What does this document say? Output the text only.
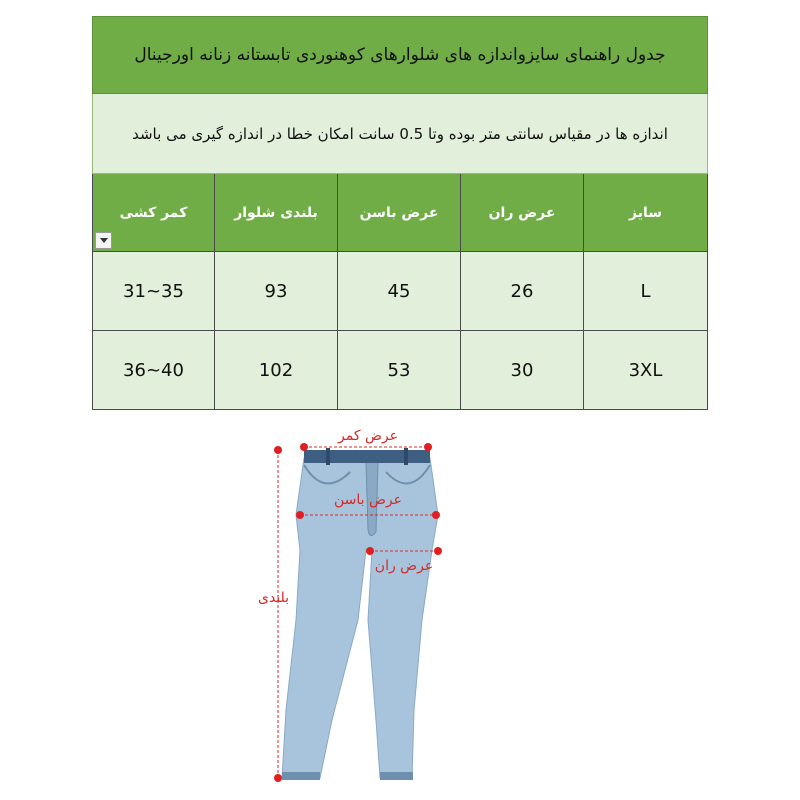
جدول راهنمای سایزواندازه های شلوارهای کوهنوردی تابستانه زنانه اورجینال
اندازه ها در مقیاس سانتی متر بوده وتا 0.5 سانت امکان خطا در اندازه گیری می باشد
سایز
عرض ران
عرض باسن
بلندی شلوار
کمر کشی
L
26
45
93
31~35
3XL
30
53
102
36~40
عرض کمر
عرض باسن
عرض ران
بلندی
